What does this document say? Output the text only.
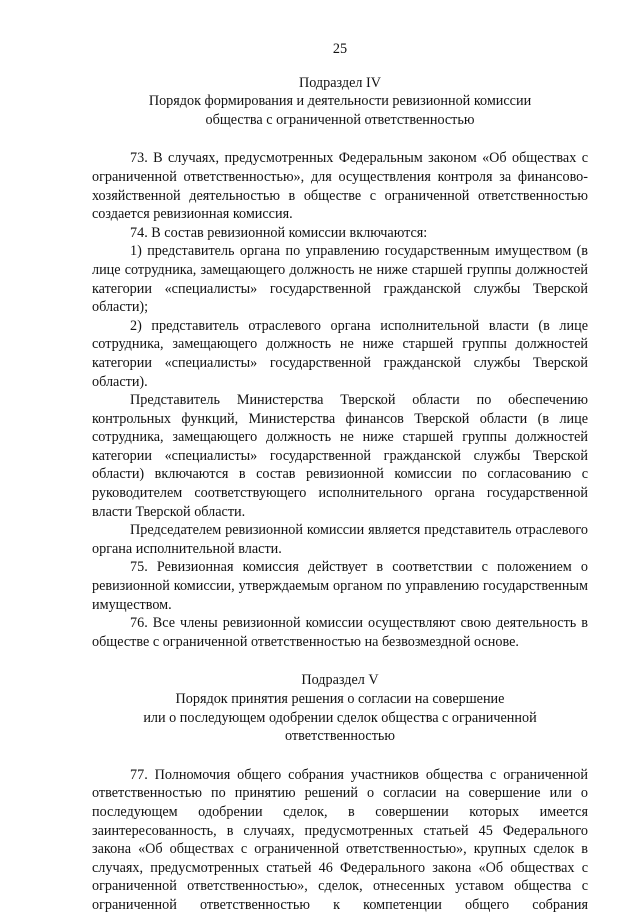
25
Подраздел IV
Порядок формирования и деятельности ревизионной комиссии
общества с ограниченной ответственностью

73. В случаях, предусмотренных Федеральным законом «Об обществах с ограниченной ответственностью», для осуществления контроля за финансово-хозяйственной деятельностью в обществе с ограниченной ответственностью создается ревизионная комиссия.

74. В состав ревизионной комиссии включаются:

1) представитель органа по управлению государственным имуществом (в лице сотрудника, замещающего должность не ниже старшей группы должностей категории «специалисты» государственной гражданской службы Тверской области);

2) представитель отраслевого органа исполнительной власти (в лице сотрудника, замещающего должность не ниже старшей группы должностей категории «специалисты» государственной гражданской службы Тверской области).

Представитель Министерства Тверской области по обеспечению контрольных функций, Министерства финансов Тверской области (в лице сотрудника, замещающего должность не ниже старшей группы должностей категории «специалисты» государственной гражданской службы Тверской области) включаются в состав ревизионной комиссии по согласованию с руководителем соответствующего исполнительного органа государственной власти Тверской области.

Председателем ревизионной комиссии является представитель отраслевого органа исполнительной власти.

75. Ревизионная комиссия действует в соответствии с положением о ревизионной комиссии, утверждаемым органом по управлению государственным имуществом.

76. Все члены ревизионной комиссии осуществляют свою деятельность в обществе с ограниченной ответственностью на безвозмездной основе.

Подраздел V
Порядок принятия решения о согласии на совершение
или о последующем одобрении сделок общества с ограниченной
ответственностью

77. Полномочия общего собрания участников общества с ограниченной ответственностью по принятию решений о согласии на совершение или о последующем одобрении сделок, в совершении которых имеется заинтересованность, в случаях, предусмотренных статьей 45 Федерального закона «Об обществах с ограниченной ответственностью», крупных сделок в случаях, предусмотренных статьей 46 Федерального закона «Об обществах с ограниченной ответственностью», сделок, отнесенных уставом общества с ограниченной ответственностью к компетенции общего собрания
